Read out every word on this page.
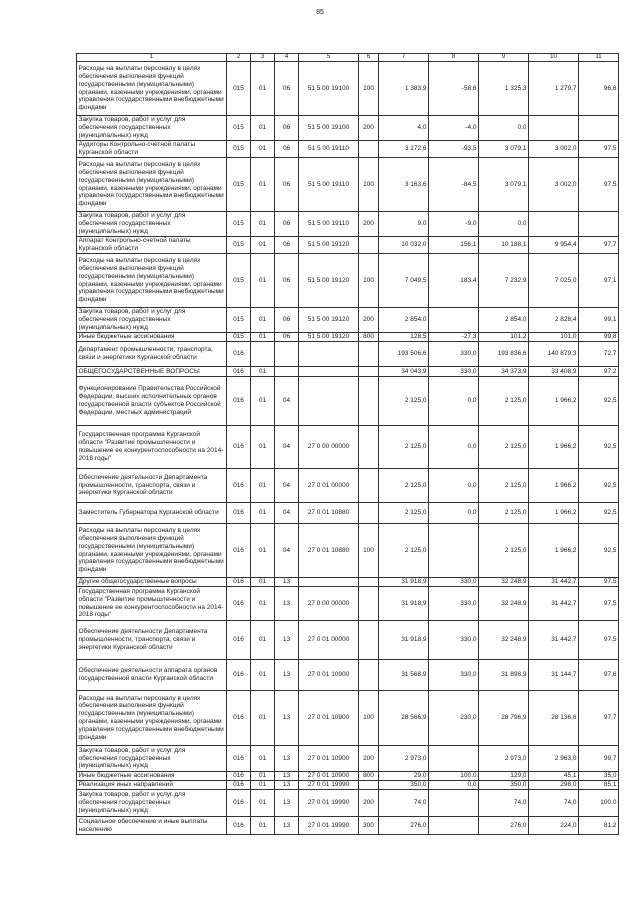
85
1	2	3	4	5	6	7	8	9	10	11
Расходы на выплаты персоналу в целях обеспечения выполнения функций государственными (муниципальными) органами, казенными учреждениями, органами управления государственными внебюджетными фондами	015	01	06	51 5 00 19100	100	1 383,9	-58,6	1 325,3	1 279,7	96,6
Закупка товаров, работ и услуг для обеспечения государственных (муниципальных) нужд	015	01	06	51 5 00 19100	200	4,0	-4,0	0,0		
Аудиторы Контрольно-счетной палаты Курганской области	015	01	06	51 5 00 19110		3 172,6	-93,5	3 079,1	3 002,0	97,5
Расходы на выплаты персоналу в целях обеспечения выполнения функций государственными (муниципальными) органами, казенными учреждениями, органами управления государственными внебюджетными фондами	015	01	06	51 5 00 19110	100	3 163,6	-84,5	3 079,1	3 002,0	97,5
Закупка товаров, работ и услуг для обеспечения государственных (муниципальных) нужд	015	01	06	51 5 00 19110	200	9,0	-9,0	0,0		
Аппарат Контрольно-счетной палаты Курганской области	015	01	06	51 5 00 19120		10 032,0	156,1	10 188,1	9 954,4	97,7
Расходы на выплаты персоналу в целях обеспечения выполнения функций государственными (муниципальными) органами, казенными учреждениями, органами управления государственными внебюджетными фондами	015	01	06	51 5 00 19120	100	7 049,5	183,4	7 232,9	7 025,0	97,1
Закупка товаров, работ и услуг для обеспечения государственных (муниципальных) нужд	015	01	06	51 5 00 19120	200	2 854,0		2 854,0	2 828,4	99,1
Иные бюджетные ассигнования	015	01	06	51 5 00 19120	800	128,5	-27,3	101,2	101,0	99,8
Департамент промышленности, транспорта, связи и энергетики Курганской области	016					193 506,6	330,0	193 836,6	140 879,3	72,7
ОБЩЕГОСУДАРСТВЕННЫЕ ВОПРОСЫ	016	01				34 043,9	330,0	34 373,9	33 408,9	97,2
Функционирование Правительства Российской Федерации, высших исполнительных органов государственной власти субъектов Российской Федерации, местных администраций	016	01	04			2 125,0	0,0	2 125,0	1 966,2	92,5
Государственная программа Курганской области "Развитие промышленности и повышение ее конкурентоспособности на 2014-2018 годы"	016	01	04	27 0 00 00000		2 125,0	0,0	2 125,0	1 966,2	92,5
Обеспечение деятельности Департамента промышленности, транспорта, связи и энергетики Курганской области	016	01	04	27 0 01 00000		2 125,0	0,0	2 125,0	1 966,2	92,5
Заместитель Губернатора Курганской области	016	01	04	27 0 01 10880		2 125,0	0,0	2 125,0	1 966,2	92,5
Расходы на выплаты персоналу в целях обеспечения выполнения функций государственными (муниципальными) органами, казенными учреждениями, органами управления государственными внебюджетными фондами	016	01	04	27 0 01 10880	100	2 125,0		2 125,0	1 966,2	92,5
Другие общегосударственные вопросы	016	01	13			31 918,9	330,0	32 248,9	31 442,7	97,5
Государственная программа Курганской области "Развитие промышленности и повышение ее конкурентоспособности на 2014-2018 годы"	016	01	13	27 0 00 00000		31 918,9	330,0	32 248,9	31 442,7	97,5
Обеспечение деятельности Департамента промышленности, транспорта, связи и энергетики Курганской области	016	01	13	27 0 01 00000		31 918,9	330,0	32 248,9	31 442,7	97,5
Обеспечение деятельности аппарата органов государственной власти Курганской области	016	01	13	27 0 01 10900		31 568,9	330,0	31 898,9	31 144,7	97,6
Расходы на выплаты персоналу в целях обеспечения выполнения функций государственными (муниципальными) органами, казенными учреждениями, органами управления государственными внебюджетными фондами	016	01	13	27 0 01 10900	100	28 566,9	230,0	28 796,9	28 136,6	97,7
Закупка товаров, работ и услуг для обеспечения государственных (муниципальных) нужд	016	01	13	27 0 01 10900	200	2 973,0		2 973,0	2 963,0	99,7
Иные бюджетные ассигнования	016	01	13	27 0 01 10900	800	29,0	100,0	129,0	45,1	35,0
Реализация иных направлений	016	01	13	27 0 01 19990		350,0	0,0	350,0	298,0	85,1
Закупка товаров, работ и услуг для обеспечения государственных (муниципальных) нужд	016	01	13	27 0 01 19990	200	74,0		74,0	74,0	100,0
Социальное обеспечение и иные выплаты населению	016	01	13	27 0 01 19990	300	276,0		276,0	224,0	81,2
